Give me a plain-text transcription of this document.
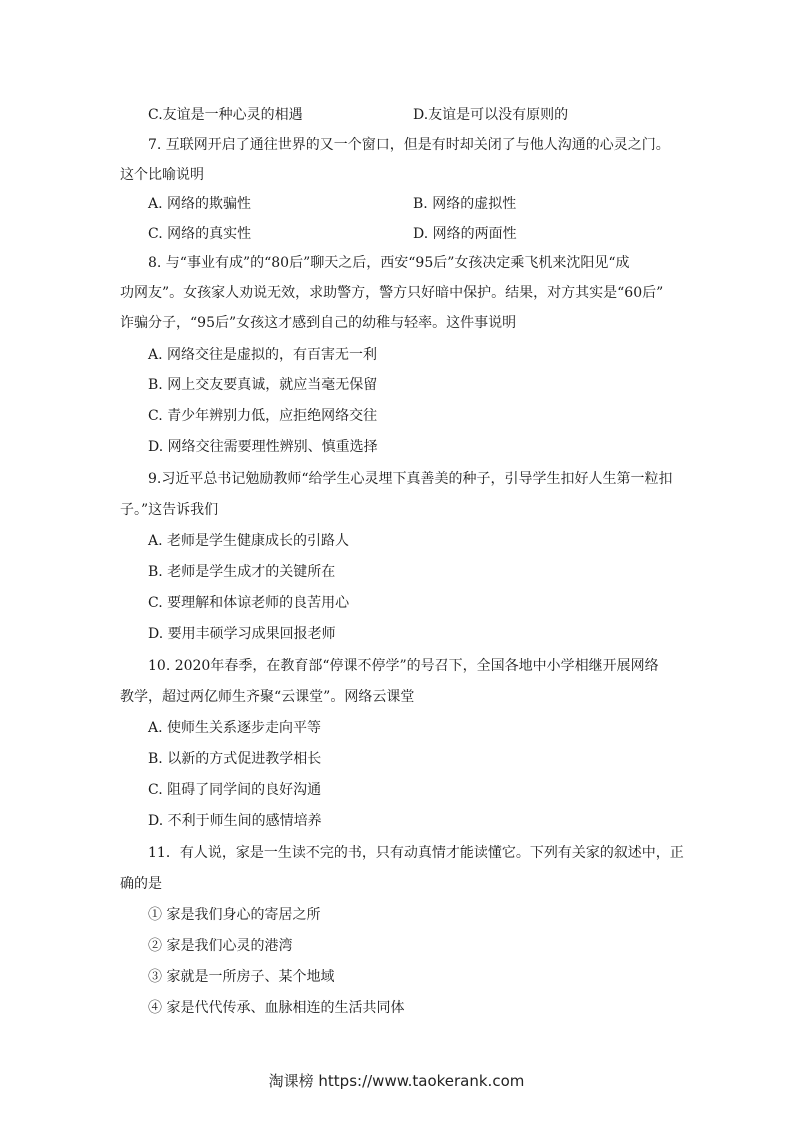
C.友谊是一种心灵的相遇	D.友谊是可以没有原则的
7. 互联网开启了通往世界的又一个窗口，但是有时却关闭了与他人沟通的心灵之门。
这个比喻说明
A. 网络的欺骗性	B. 网络的虚拟性
C. 网络的真实性	D. 网络的两面性
8. 与“事业有成”的“80后”聊天之后，西安“95后”女孩决定乘飞机来沈阳见“成
功网友”。女孩家人劝说无效，求助警方，警方只好暗中保护。结果，对方其实是“60后”
诈骗分子，“95后”女孩这才感到自己的幼稚与轻率。这件事说明
A. 网络交往是虚拟的，有百害无一利
B. 网上交友要真诚，就应当毫无保留
C. 青少年辨别力低，应拒绝网络交往
D. 网络交往需要理性辨别、慎重选择
9.习近平总书记勉励教师“给学生心灵埋下真善美的种子，引导学生扣好人生第一粒扣
子。”这告诉我们
A. 老师是学生健康成长的引路人
B. 老师是学生成才的关键所在
C. 要理解和体谅老师的良苦用心
D. 要用丰硕学习成果回报老师
10. 2020年春季，在教育部“停课不停学”的号召下，全国各地中小学相继开展网络
教学，超过两亿师生齐聚“云课堂”。网络云课堂
A. 使师生关系逐步走向平等
B. 以新的方式促进教学相长
C. 阻碍了同学间的良好沟通
D. 不利于师生间的感情培养
11．有人说，家是一生读不完的书，只有动真情才能读懂它。下列有关家的叙述中，正
确的是
① 家是我们身心的寄居之所
② 家是我们心灵的港湾
③ 家就是一所房子、某个地域
④ 家是代代传承、血脉相连的生活共同体
淘课榜 https://www.taokerank.com
